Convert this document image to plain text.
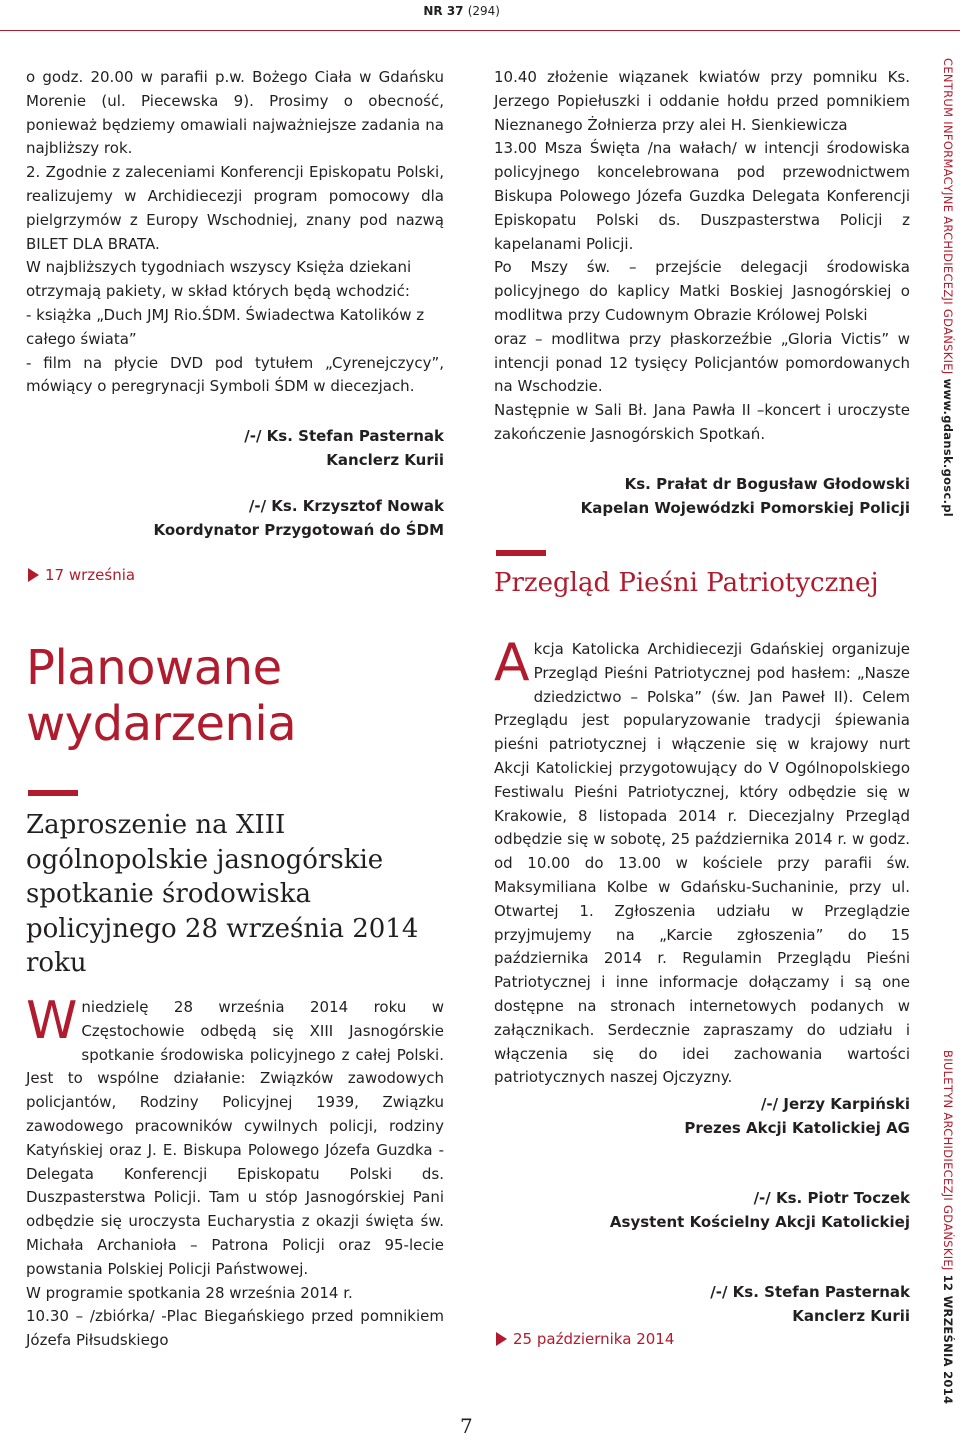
NR 37 (294)

o godz. 20.00 w parafii p.w. Bożego Ciała w Gdańsku Morenie (ul. Piecewska 9). Prosimy o obecność, ponieważ będziemy omawiali najważniejsze zadania na najbliższy rok.

2. Zgodnie z zaleceniami Konferencji Episkopatu Polski, realizujemy w Archidiecezji program pomocowy dla pielgrzymów z Europy Wschodniej, znany pod nazwą BILET DLA BRATA.

W najbliższych tygodniach wszyscy Księża dziekani otrzymają pakiety, w skład których będą wchodzić:

- książka „Duch JMJ Rio.ŚDM. Świadectwa Katolików z całego świata”

- film na płycie DVD pod tytułem „Cyrenejczycy”, mówiący o peregrynacji Symboli ŚDM w diecezjach.

/-/ Ks. Stefan Pasternak
Kanclerz Kurii
/-/ Ks. Krzysztof Nowak
Koordynator Przygotowań do ŚDM
17 września
Planowane
wydarzenia
Zaproszenie na XIII ogólnopolskie jasnogórskie spotkanie środowiska policyjnego 28 września 2014 roku

Wniedzielę 28 września 2014 roku w Częstochowie odbędą się XIII Jasnogórskie spotkanie środowiska policyjnego z całej Polski. Jest to wspólne działanie: Związków zawodowych policjantów, Rodziny Policyjnej 1939, Związku zawodowego pracowników cywilnych policji, rodziny Katyńskiej oraz J. E. Biskupa Polowego Józefa Guzdka - Delegata Konferencji Episkopatu Polski ds. Duszpasterstwa Policji. Tam u stóp Jasnogórskiej Pani odbędzie się uroczysta Eucharystia z okazji święta św. Michała Archanioła – Patrona Policji oraz 95-lecie powstania Polskiej Policji Państwowej.

W programie spotkania 28 września 2014 r.

10.30 – /zbiórka/ -Plac Biegańskiego przed pomnikiem Józefa Piłsudskiego

10.40 złożenie wiązanek kwiatów przy pomniku Ks. Jerzego Popiełuszki i oddanie hołdu przed pomnikiem Nieznanego Żołnierza przy alei H. Sienkiewicza

13.00 Msza Święta /na wałach/ w intencji środowiska policyjnego koncelebrowana pod przewodnictwem Biskupa Polowego Józefa Guzdka Delegata Konferencji Episkopatu Polski ds. Duszpasterstwa Policji z kapelanami Policji.

Po Mszy św. – przejście delegacji środowiska policyjnego do kaplicy Matki Boskiej Jasnogórskiej o modlitwa przy Cudownym Obrazie Królowej Polski

oraz – modlitwa przy płaskorzeźbie „Gloria Victis” w intencji ponad 12 tysięcy Policjantów pomordowanych na Wschodzie.

Następnie w Sali Bł. Jana Pawła II –koncert i uroczyste zakończenie Jasnogórskich Spotkań.

Ks. Prałat dr Bogusław Głodowski
Kapelan Wojewódzki Pomorskiej Policji
Przegląd Pieśni Patriotycznej

Akcja Katolicka Archidiecezji Gdańskiej organizuje Przegląd Pieśni Patriotycznej pod hasłem: „Nasze dziedzictwo – Polska” (św. Jan Paweł II). Celem Przeglądu jest popularyzowanie tradycji śpiewania pieśni patriotycznej i włączenie się w krajowy nurt Akcji Katolickiej przygotowujący do V Ogólnopolskiego Festiwalu Pieśni Patriotycznej, który odbędzie się w Krakowie, 8 listopada 2014 r. Diecezjalny Przegląd odbędzie się w sobotę, 25 października 2014 r. w godz. od 10.00 do 13.00 w kościele przy parafii św. Maksymiliana Kolbe w Gdańsku-Suchaninie, przy ul. Otwartej 1. Zgłoszenia udziału w Przeglądzie przyjmujemy na „Karcie zgłoszenia” do 15 października 2014 r. Regulamin Przeglądu Pieśni Patriotycznej i inne informacje dołączamy i są one dostępne na stronach internetowych podanych w załącznikach. Serdecznie zapraszamy do udziału i włączenia się do idei zachowania wartości patriotycznych naszej Ojczyzny.

/-/ Jerzy Karpiński
Prezes Akcji Katolickiej AG
/-/ Ks. Piotr Toczek
Asystent Kościelny Akcji Katolickiej
/-/ Ks. Stefan Pasternak
Kanclerz Kurii
25 października 2014
CENTRUM INFORMACYJNE ARCHIDIECEZJI GDAŃSKIEJ www.gdansk.gosc.pl
BIULETYN ARCHIDIECEZJI GDAŃSKIEJ 12 WRZEŚNIA 2014
7
